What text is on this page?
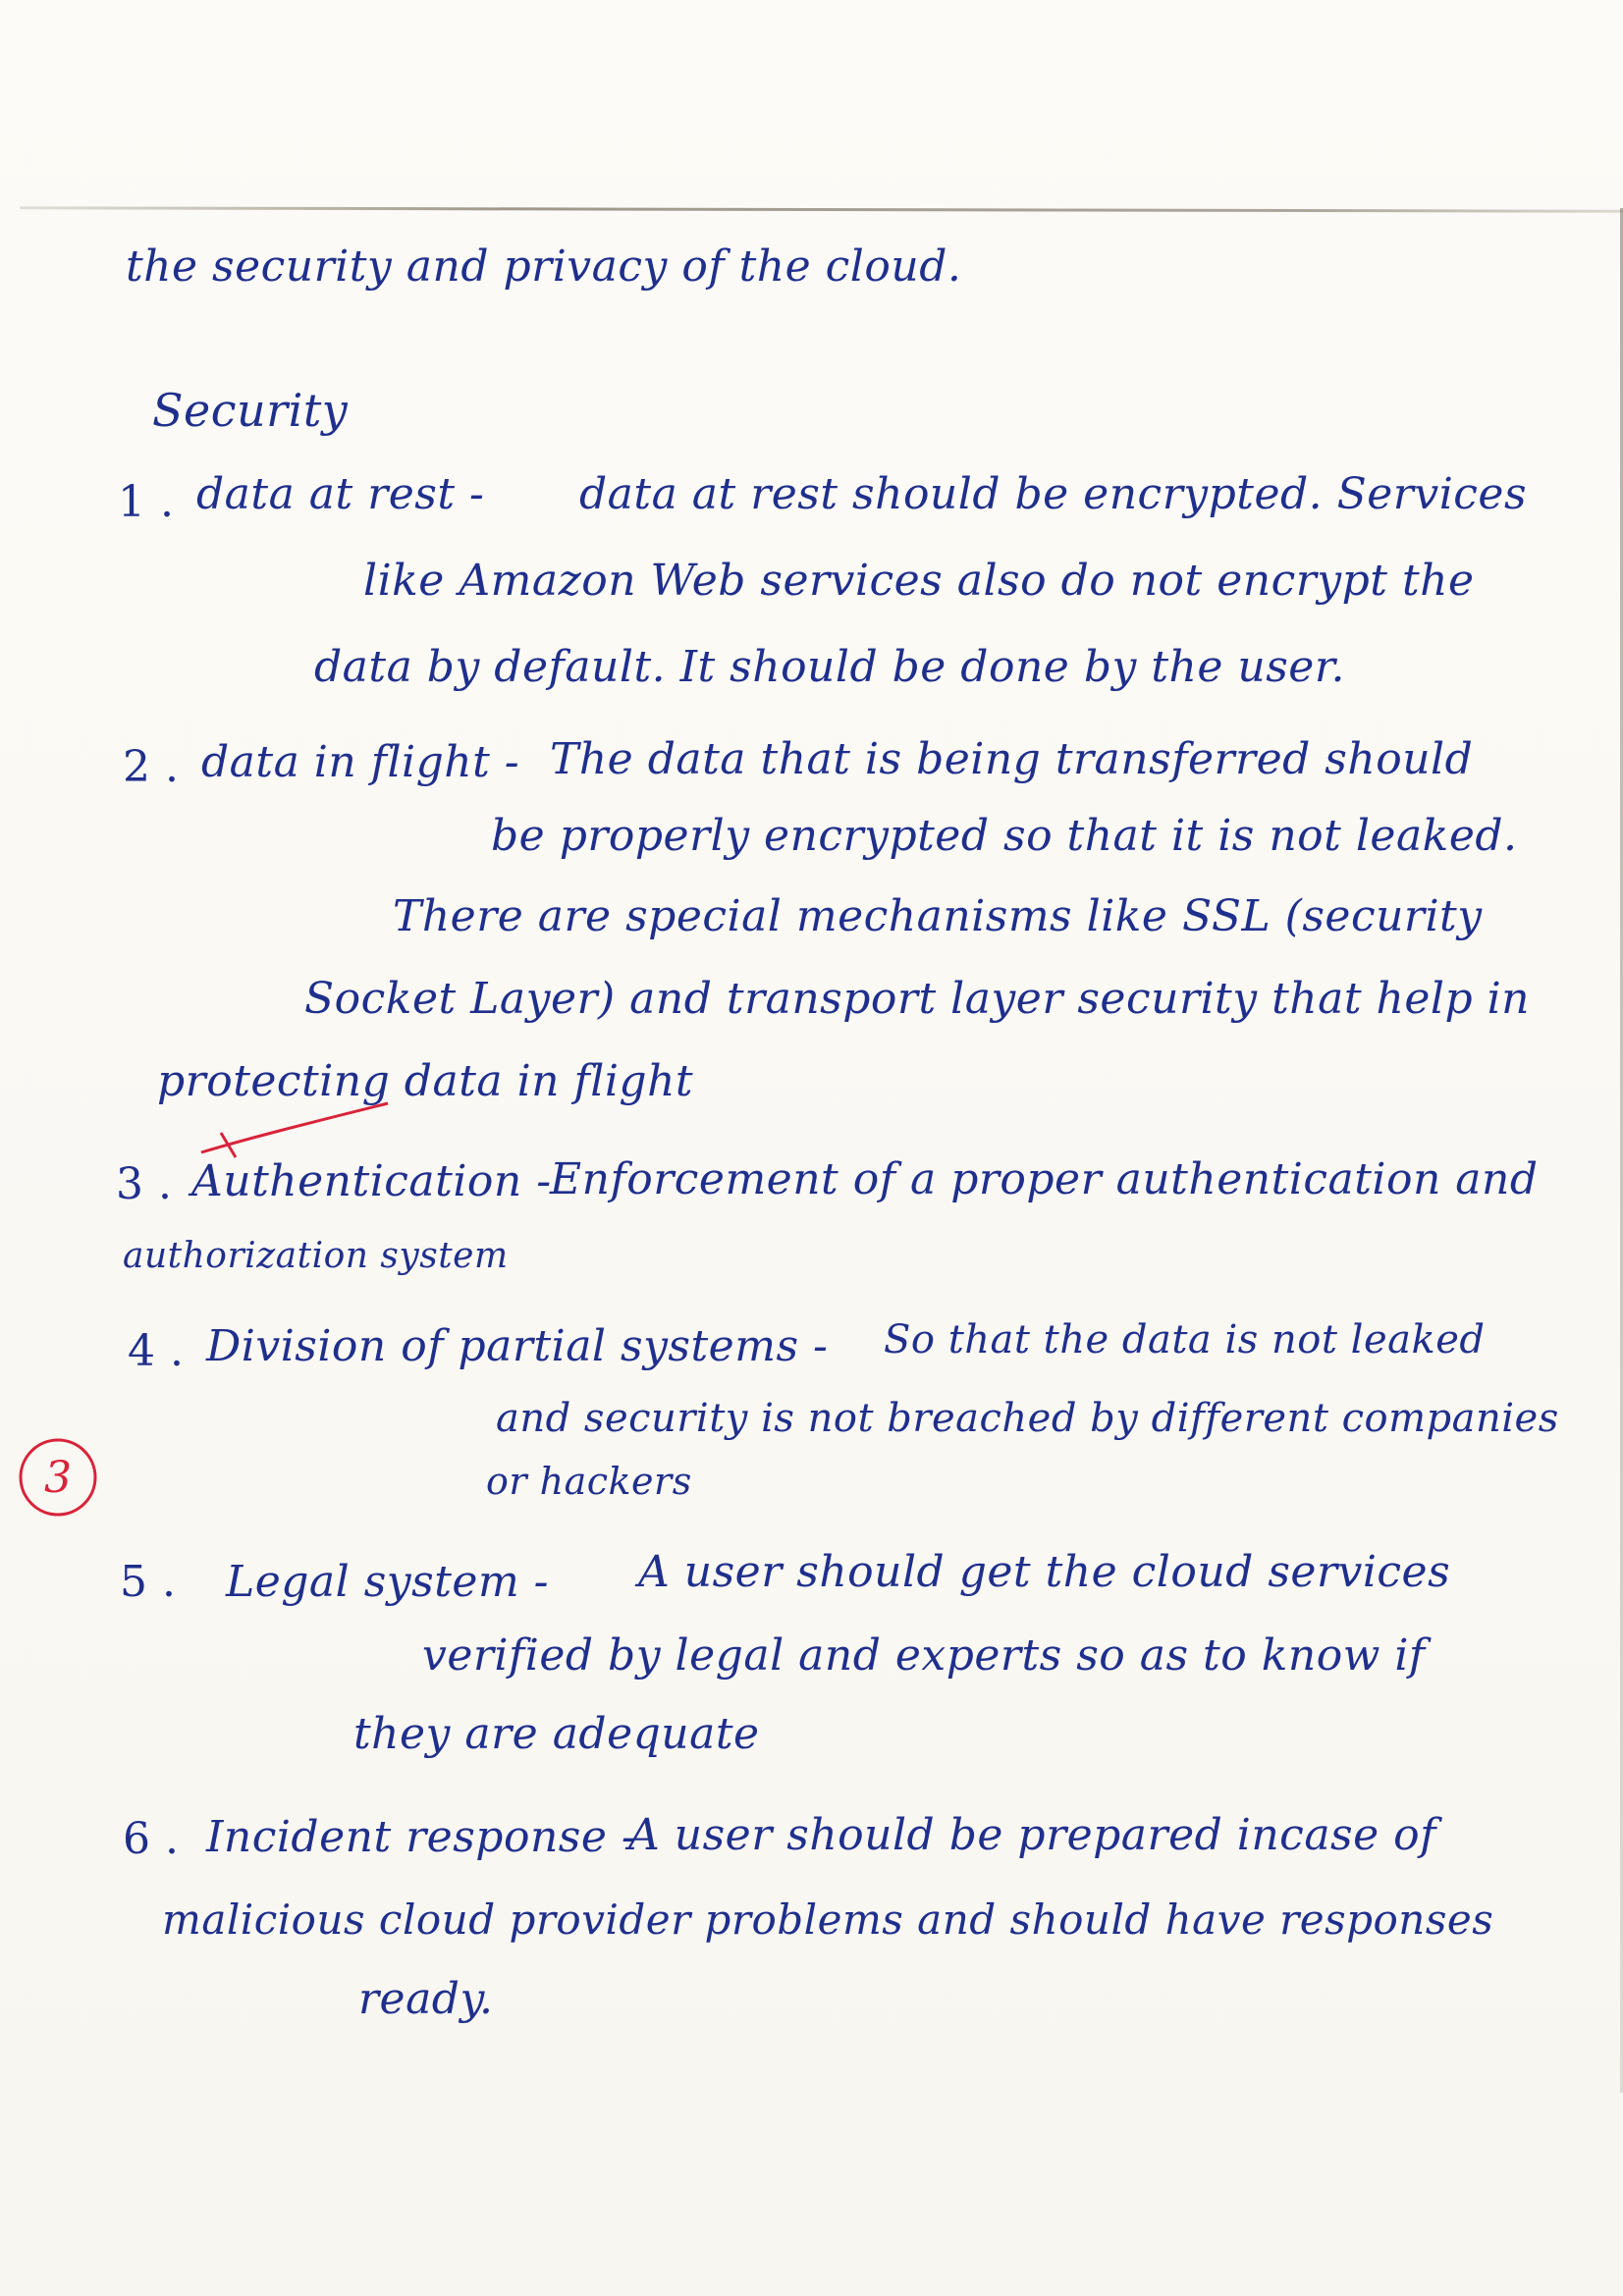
the security and privacy of the cloud.

Security

1 . data at rest - data at rest should be encrypted. Services

like Amazon Web services also do not encrypt the

data by default. It should be done by the user.

2 . data in flight - The data that is being transferred should

be properly encrypted so that it is not leaked.

There are special mechanisms like SSL (security

Socket Layer) and transport layer security that help in

protecting data in flight

3 . Authentication -

Enforcement of a proper authentication and

authorization system

4 . Division of partial systems - So that the data is not leaked

and security is not breached by different companies

or hackers

3

5 . Legal system - A user should get the cloud services

verified by legal and experts so as to know if

they are adequate

6 . Incident response -

A user should be prepared incase of

malicious cloud provider problems and should have responses

ready.
